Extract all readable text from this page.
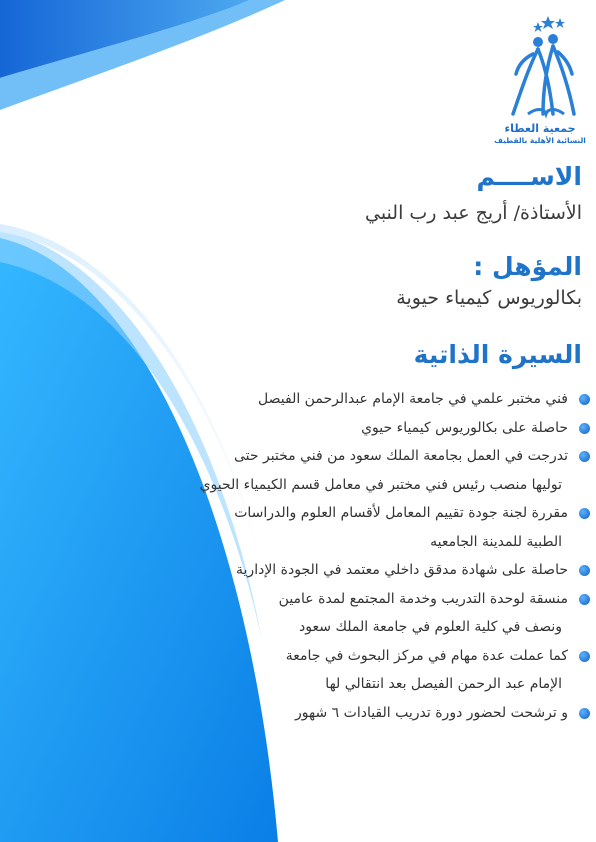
جمعية العطاء
النسائية الأهلية بالقطيف
الاســــم
الأستاذة/ أريج عبد رب النبي
المؤهل :
بكالوريوس كيمياء حيوية
السيرة الذاتية
فني مختبر علمي في جامعة الإمام عبدالرحمن الفيصل
حاصلة على بكالوريوس كيمياء حيوي
تدرجت في العمل بجامعة الملك سعود من فني مختبر حتى
توليها منصب رئيس فني مختبر في معامل قسم الكيمياء الحيوي
مقررة لجنة جودة تقييم المعامل لأقسام العلوم والدراسات
الطبية للمدينة الجامعيه
حاصلة على شهادة مدقق داخلي معتمد في الجودة الإدارية
منسقة لوحدة التدريب وخدمة المجتمع لمدة عامين
ونصف في كلية العلوم في جامعة الملك سعود
كما عملت عدة مهام في مركز البحوث في جامعة
الإمام عبد الرحمن الفيصل بعد انتقالي لها
و ترشحت لحضور دورة تدريب القيادات ٦ شهور
